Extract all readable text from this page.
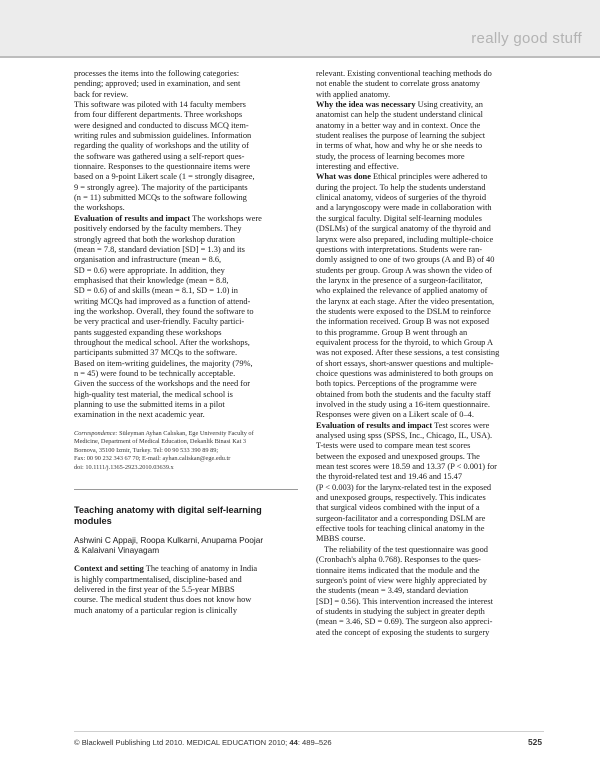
really good stuff
processes the items into the following categories:
pending; approved; used in examination, and sent
back for review.
This software was piloted with 14 faculty members
from four different departments. Three workshops
were designed and conducted to discuss MCQ item-
writing rules and submission guidelines. Information
regarding the quality of workshops and the utility of
the software was gathered using a self-report ques-
tionnaire. Responses to the questionnaire items were
based on a 9-point Likert scale (1 = strongly disagree,
9 = strongly agree). The majority of the participants
(n = 11) submitted MCQs to the software following
the workshops.

Evaluation of results and impact The workshops were

positively endorsed by the faculty members. They
strongly agreed that both the workshop duration
(mean = 7.8, standard deviation [SD] = 1.3) and its
organisation and infrastructure (mean = 8.6,
SD = 0.6) were appropriate. In addition, they
emphasised that their knowledge (mean = 8.8,
SD = 0.6) of and skills (mean = 8.1, SD = 1.0) in
writing MCQs had improved as a function of attend-
ing the workshop. Overall, they found the software to
be very practical and user-friendly. Faculty partici-
pants suggested expanding these workshops
throughout the medical school. After the workshops,
participants submitted 37 MCQs to the software.
Based on item-writing guidelines, the majority (79%,
n = 45) were found to be technically acceptable.
Given the success of the workshops and the need for
high-quality test material, the medical school is
planning to use the submitted items in a pilot
examination in the next academic year.
Correspondence: Süleyman Ayhan Calıskan, Ege University Faculty of
Medicine, Department of Medical Education, Dekanlik Binasi Kat 3
Bornova, 35100 Izmir, Turkey. Tel: 00 90 533 390 89 89;
Fax: 00 90 232 343 67 70; E-mail: ayhan.caliskan@ege.edu.tr
doi: 10.1111/j.1365-2923.2010.03639.x
Teaching anatomy with digital self-learning
modules
Ashwini C Appaji, Roopa Kulkarni, Anupama Poojar
& Kalaivani Vinayagam

Context and setting The teaching of anatomy in India

is highly compartmentalised, discipline-based and
delivered in the first year of the 5.5-year MBBS
course. The medical student thus does not know how
much anatomy of a particular region is clinically
relevant. Existing conventional teaching methods do
not enable the student to correlate gross anatomy
with applied anatomy.

Why the idea was necessary Using creativity, an

anatomist can help the student understand clinical
anatomy in a better way and in context. Once the
student realises the purpose of learning the subject
in terms of what, how and why he or she needs to
study, the process of learning becomes more
interesting and effective.

What was done Ethical principles were adhered to

during the project. To help the students understand
clinical anatomy, videos of surgeries of the thyroid
and a laryngoscopy were made in collaboration with
the surgical faculty. Digital self-learning modules
(DSLMs) of the surgical anatomy of the thyroid and
larynx were also prepared, including multiple-choice
questions with interpretations. Students were ran-
domly assigned to one of two groups (A and B) of 40
students per group. Group A was shown the video of
the larynx in the presence of a surgeon-facilitator,
who explained the relevance of applied anatomy of
the larynx at each stage. After the video presentation,
the students were exposed to the DSLM to reinforce
the information received. Group B was not exposed
to this programme. Group B went through an
equivalent process for the thyroid, to which Group A
was not exposed. After these sessions, a test consisting
of short essays, short-answer questions and multiple-
choice questions was administered to both groups on
both topics. Perceptions of the programme were
obtained from both the students and the faculty staff
involved in the study using a 16-item questionnaire.
Responses were given on a Likert scale of 0–4.

Evaluation of results and impact Test scores were

analysed using spss (SPSS, Inc., Chicago, IL, USA).
T-tests were used to compare mean test scores
between the exposed and unexposed groups. The
mean test scores were 18.59 and 13.37 (P < 0.001) for
the thyroid-related test and 19.46 and 15.47
(P < 0.003) for the larynx-related test in the exposed
and unexposed groups, respectively. This indicates
that surgical videos combined with the input of a
surgeon-facilitator and a corresponding DSLM are
effective tools for teaching clinical anatomy in the
MBBS course.
The reliability of the test questionnaire was good
(Cronbach's alpha 0.768). Responses to the ques-
tionnaire items indicated that the module and the
surgeon's point of view were highly appreciated by
the students (mean = 3.49, standard deviation
[SD] = 0.56). This intervention increased the interest
of students in studying the subject in greater depth
(mean = 3.46, SD = 0.69). The surgeon also appreci-
ated the concept of exposing the students to surgery
© Blackwell Publishing Ltd 2010. MEDICAL EDUCATION 2010; 44: 489–526	525
